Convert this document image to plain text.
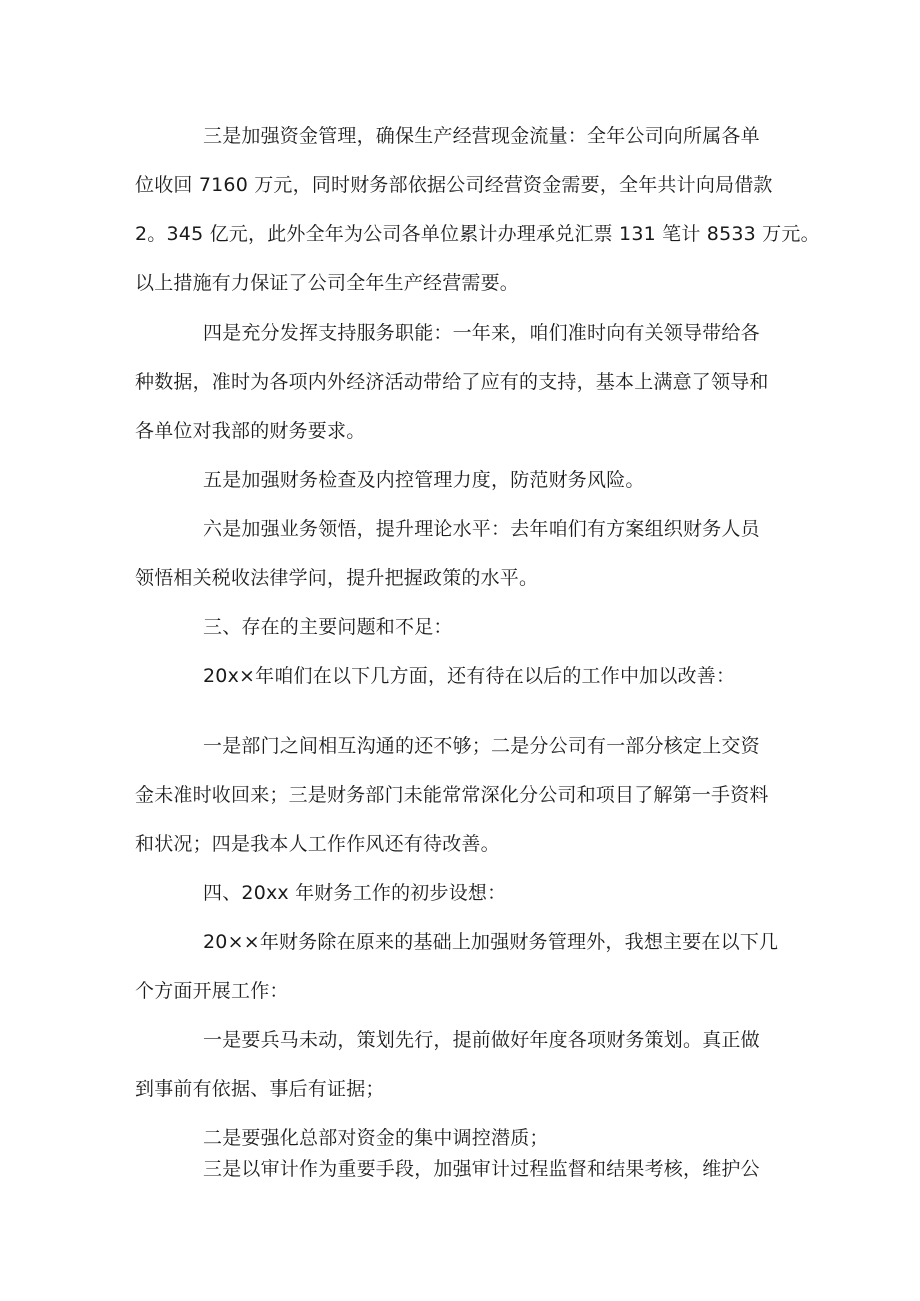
三是加强资金管理，确保生产经营现金流量：全年公司向所属各单
位收回 7160 万元，同时财务部依据公司经营资金需要，全年共计向局借款
2。345 亿元，此外全年为公司各单位累计办理承兑汇票 131 笔计 8533 万元。
以上措施有力保证了公司全年生产经营需要。
四是充分发挥支持服务职能：一年来，咱们准时向有关领导带给各
种数据，准时为各项内外经济活动带给了应有的支持，基本上满意了领导和
各单位对我部的财务要求。
五是加强财务检查及内控管理力度，防范财务风险。
六是加强业务领悟，提升理论水平：去年咱们有方案组织财务人员
领悟相关税收法律学问，提升把握政策的水平。
三、存在的主要问题和不足：
20x×年咱们在以下几方面，还有待在以后的工作中加以改善：
一是部门之间相互沟通的还不够；二是分公司有一部分核定上交资
金未准时收回来；三是财务部门未能常常深化分公司和项目了解第一手资料
和状况；四是我本人工作作风还有待改善。
四、20xx 年财务工作的初步设想：
20××年财务除在原来的基础上加强财务管理外，我想主要在以下几
个方面开展工作：
一是要兵马未动，策划先行，提前做好年度各项财务策划。真正做
到事前有依据、事后有证据；
二是要强化总部对资金的集中调控潜质；
三是以审计作为重要手段，加强审计过程监督和结果考核，维护公
